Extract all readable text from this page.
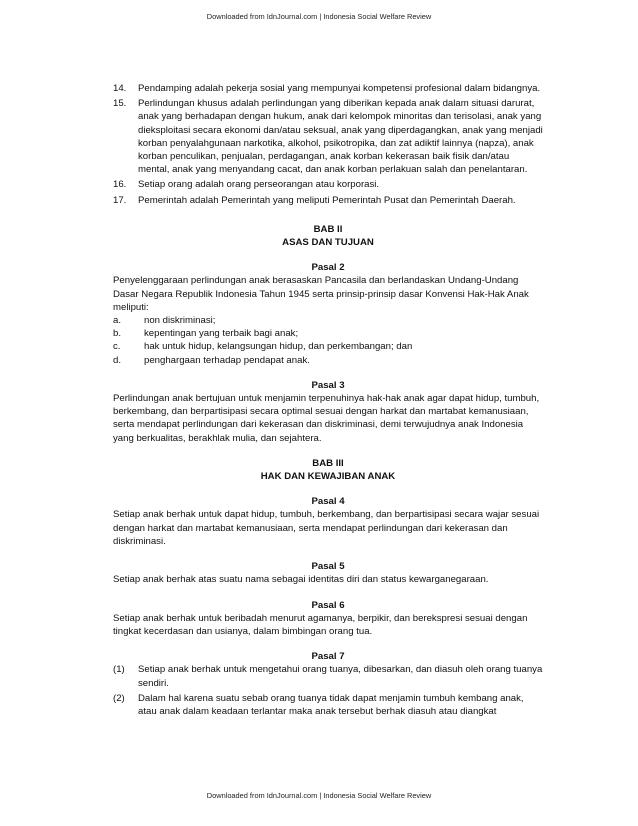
Downloaded from IdnJournal.com | Indonesia Social Welfare Review
14.	Pendamping adalah pekerja sosial yang mempunyai kompetensi profesional dalam bidangnya.
15.	Perlindungan khusus adalah perlindungan yang diberikan kepada anak dalam situasi darurat, anak yang berhadapan dengan hukum, anak dari kelompok minoritas dan terisolasi, anak yang dieksploitasi secara ekonomi dan/atau seksual, anak yang diperdagangkan, anak yang menjadi korban penyalahgunaan narkotika, alkohol, psikotropika, dan zat adiktif lainnya (napza), anak korban penculikan, penjualan, perdagangan, anak korban kekerasan baik fisik dan/atau mental, anak yang menyandang cacat, dan anak korban perlakuan salah dan penelantaran.
16.	Setiap orang adalah orang perseorangan atau korporasi.
17.	Pemerintah adalah Pemerintah yang meliputi Pemerintah Pusat dan Pemerintah Daerah.
BAB II
ASAS DAN TUJUAN
Pasal 2

Penyelenggaraan perlindungan anak berasaskan Pancasila dan berlandaskan Undang-Undang Dasar Negara Republik Indonesia Tahun 1945 serta prinsip-prinsip dasar Konvensi Hak-Hak Anak meliputi:

a.	non diskriminasi;
b.	kepentingan yang terbaik bagi anak;
c.	hak untuk hidup, kelangsungan hidup, dan perkembangan; dan
d.	penghargaan terhadap pendapat anak.
Pasal 3

Perlindungan anak bertujuan untuk menjamin terpenuhinya hak-hak anak agar dapat hidup, tumbuh, berkembang, dan berpartisipasi secara optimal sesuai dengan harkat dan martabat kemanusiaan, serta mendapat perlindungan dari kekerasan dan diskriminasi, demi terwujudnya anak Indonesia yang berkualitas, berakhlak mulia, dan sejahtera.

BAB III
HAK DAN KEWAJIBAN ANAK
Pasal 4

Setiap anak berhak untuk dapat hidup, tumbuh, berkembang, dan berpartisipasi secara wajar sesuai dengan harkat dan martabat kemanusiaan, serta mendapat perlindungan dari kekerasan dan diskriminasi.

Pasal 5

Setiap anak berhak atas suatu nama sebagai identitas diri dan status kewarganegaraan.

Pasal 6

Setiap anak berhak untuk beribadah menurut agamanya, berpikir, dan berekspresi sesuai dengan tingkat kecerdasan dan usianya, dalam bimbingan orang tua.

Pasal 7
(1)	Setiap anak berhak untuk mengetahui orang tuanya, dibesarkan, dan diasuh oleh orang tuanya sendiri.
(2)	Dalam hal karena suatu sebab orang tuanya tidak dapat menjamin tumbuh kembang anak, atau anak dalam keadaan terlantar maka anak tersebut berhak diasuh atau diangkat
Downloaded from IdnJournal.com | Indonesia Social Welfare Review
